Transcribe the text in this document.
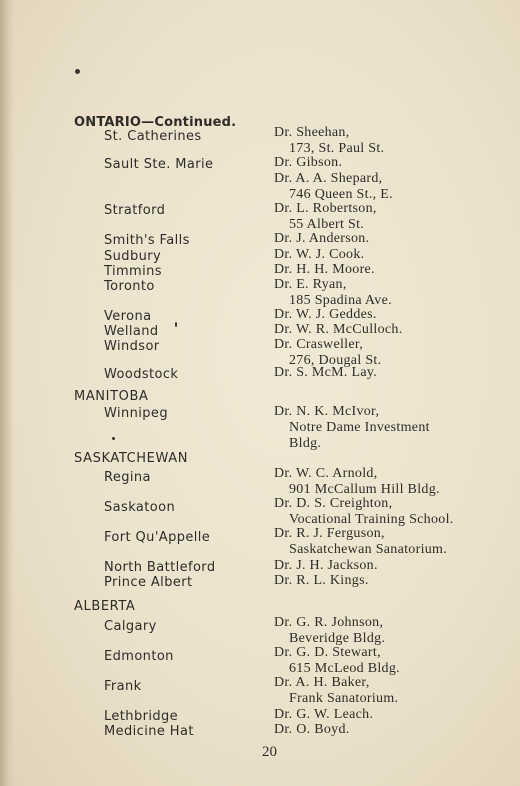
ONTARIO—Continued.
St. Catherines	Dr. Sheehan,
173, St. Paul St.
Sault Ste. Marie	Dr. Gibson.
Dr. A. A. Shepard,
746 Queen St., E.
Stratford	Dr. L. Robertson,
55 Albert St.
Smith's Falls	Dr. J. Anderson.
Sudbury	Dr. W. J. Cook.
Timmins	Dr. H. H. Moore.
Toronto	Dr. E. Ryan,
185 Spadina Ave.
Verona	Dr. W. J. Geddes.
Welland	Dr. W. R. McCulloch.
Windsor	Dr. Crasweller,
276, Dougal St.
Woodstock	Dr. S. McM. Lay.
MANITOBA
Winnipeg	Dr. N. K. McIvor,
Notre Dame Investment
Bldg.
SASKATCHEWAN
Regina	Dr. W. C. Arnold,
901 McCallum Hill Bldg.
Saskatoon	Dr. D. S. Creighton,
Vocational Training School.
Fort Qu'Appelle	Dr. R. J. Ferguson,
Saskatchewan Sanatorium.
North Battleford	Dr. J. H. Jackson.
Prince Albert	Dr. R. L. Kings.
ALBERTA
Calgary	Dr. G. R. Johnson,
Beveridge Bldg.
Edmonton	Dr. G. D. Stewart,
615 McLeod Bldg.
Frank	Dr. A. H. Baker,
Frank Sanatorium.
Lethbridge	Dr. G. W. Leach.
Medicine Hat	Dr. O. Boyd.
20
